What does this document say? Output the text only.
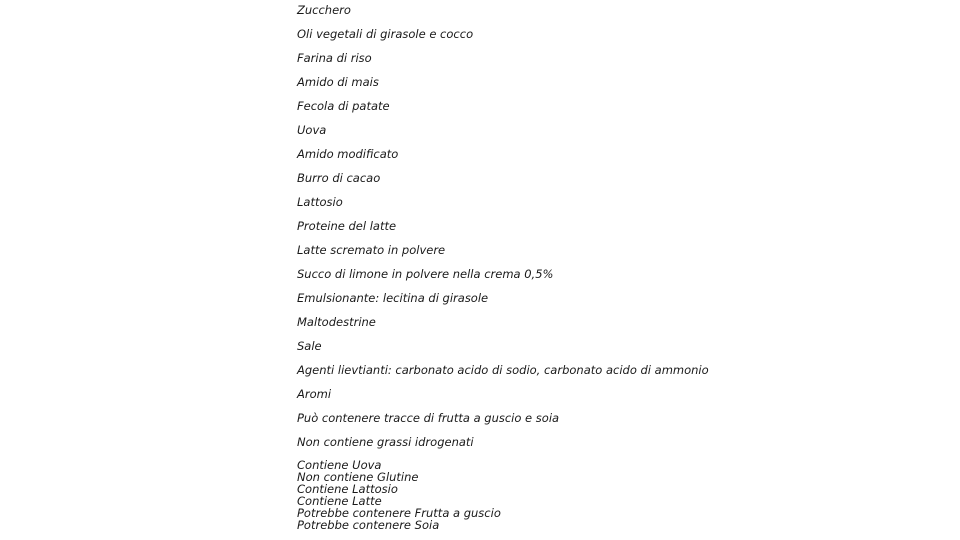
Zucchero
Oli vegetali di girasole e cocco
Farina di riso
Amido di mais
Fecola di patate
Uova
Amido modificato
Burro di cacao
Lattosio
Proteine del latte
Latte scremato in polvere
Succo di limone in polvere nella crema 0,5%
Emulsionante: lecitina di girasole
Maltodestrine
Sale
Agenti lievtianti: carbonato acido di sodio, carbonato acido di ammonio
Aromi
Può contenere tracce di frutta a guscio e soia
Non contiene grassi idrogenati
Contiene Uova
Non contiene Glutine
Contiene Lattosio
Contiene Latte
Potrebbe contenere Frutta a guscio
Potrebbe contenere Soia
